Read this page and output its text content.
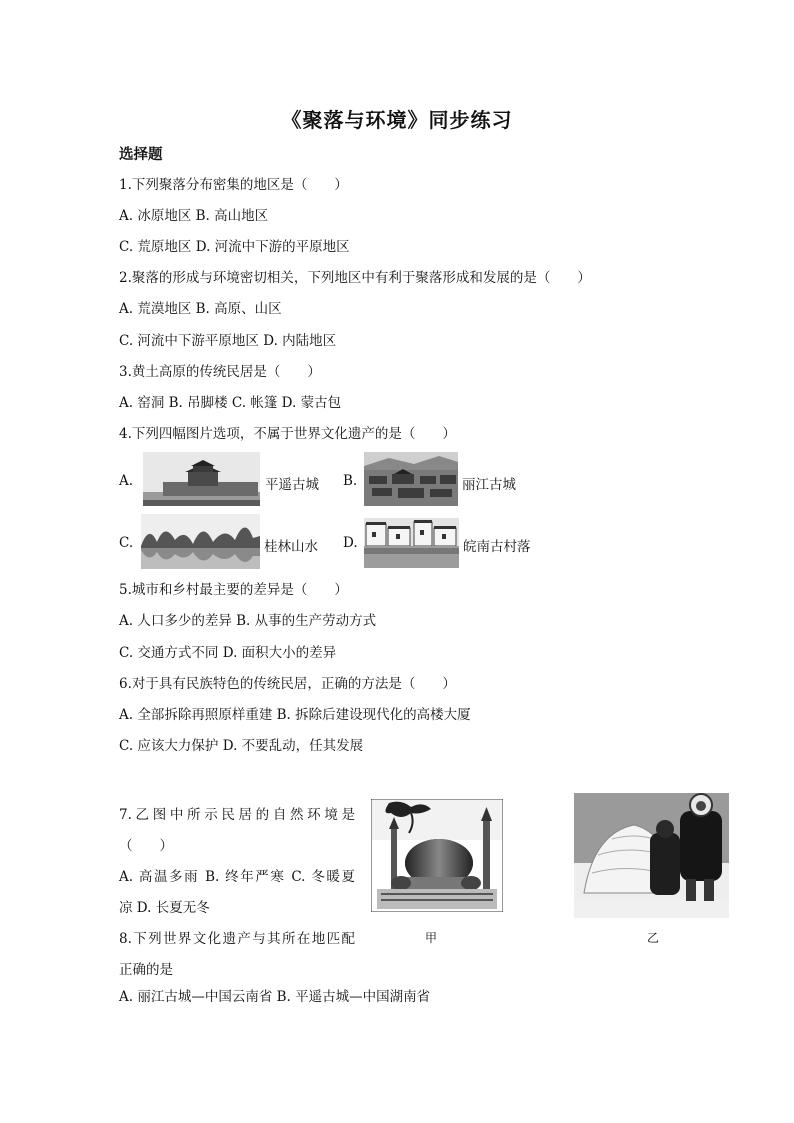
《聚落与环境》同步练习
选择题
1.下列聚落分布密集的地区是（　　）
A. 冰原地区 B. 高山地区
C. 荒原地区 D. 河流中下游的平原地区
2.聚落的形成与环境密切相关，下列地区中有利于聚落形成和发展的是（　　）
A. 荒漠地区 B. 高原、山区
C. 河流中下游平原地区 D. 内陆地区
3.黄土高原的传统民居是（　　）
A. 窑洞 B. 吊脚楼 C. 帐篷 D. 蒙古包
4.下列四幅图片选项，不属于世界文化遗产的是（　　）
A.	平遥古城 B.	丽江古城
C.	桂林山水 D.	皖南古村落
5.城市和乡村最主要的差异是（　　）
A. 人口多少的差异 B. 从事的生产劳动方式
C. 交通方式不同 D. 面积大小的差异
6.对于具有民族特色的传统民居，正确的方法是（　　）
A. 全部拆除再照原样重建 B. 拆除后建设现代化的高楼大厦
C. 应该大力保护 D. 不要乱动，任其发展
7.乙图中所示民居的自然环境是
（　　）
A. 高温多雨 B. 终年严寒 C. 冬暖夏
凉 D. 长夏无冬
甲	乙
8.下列世界文化遗产与其所在地匹配
正确的是
A. 丽江古城—中国云南省 B. 平遥古城—中国湖南省
